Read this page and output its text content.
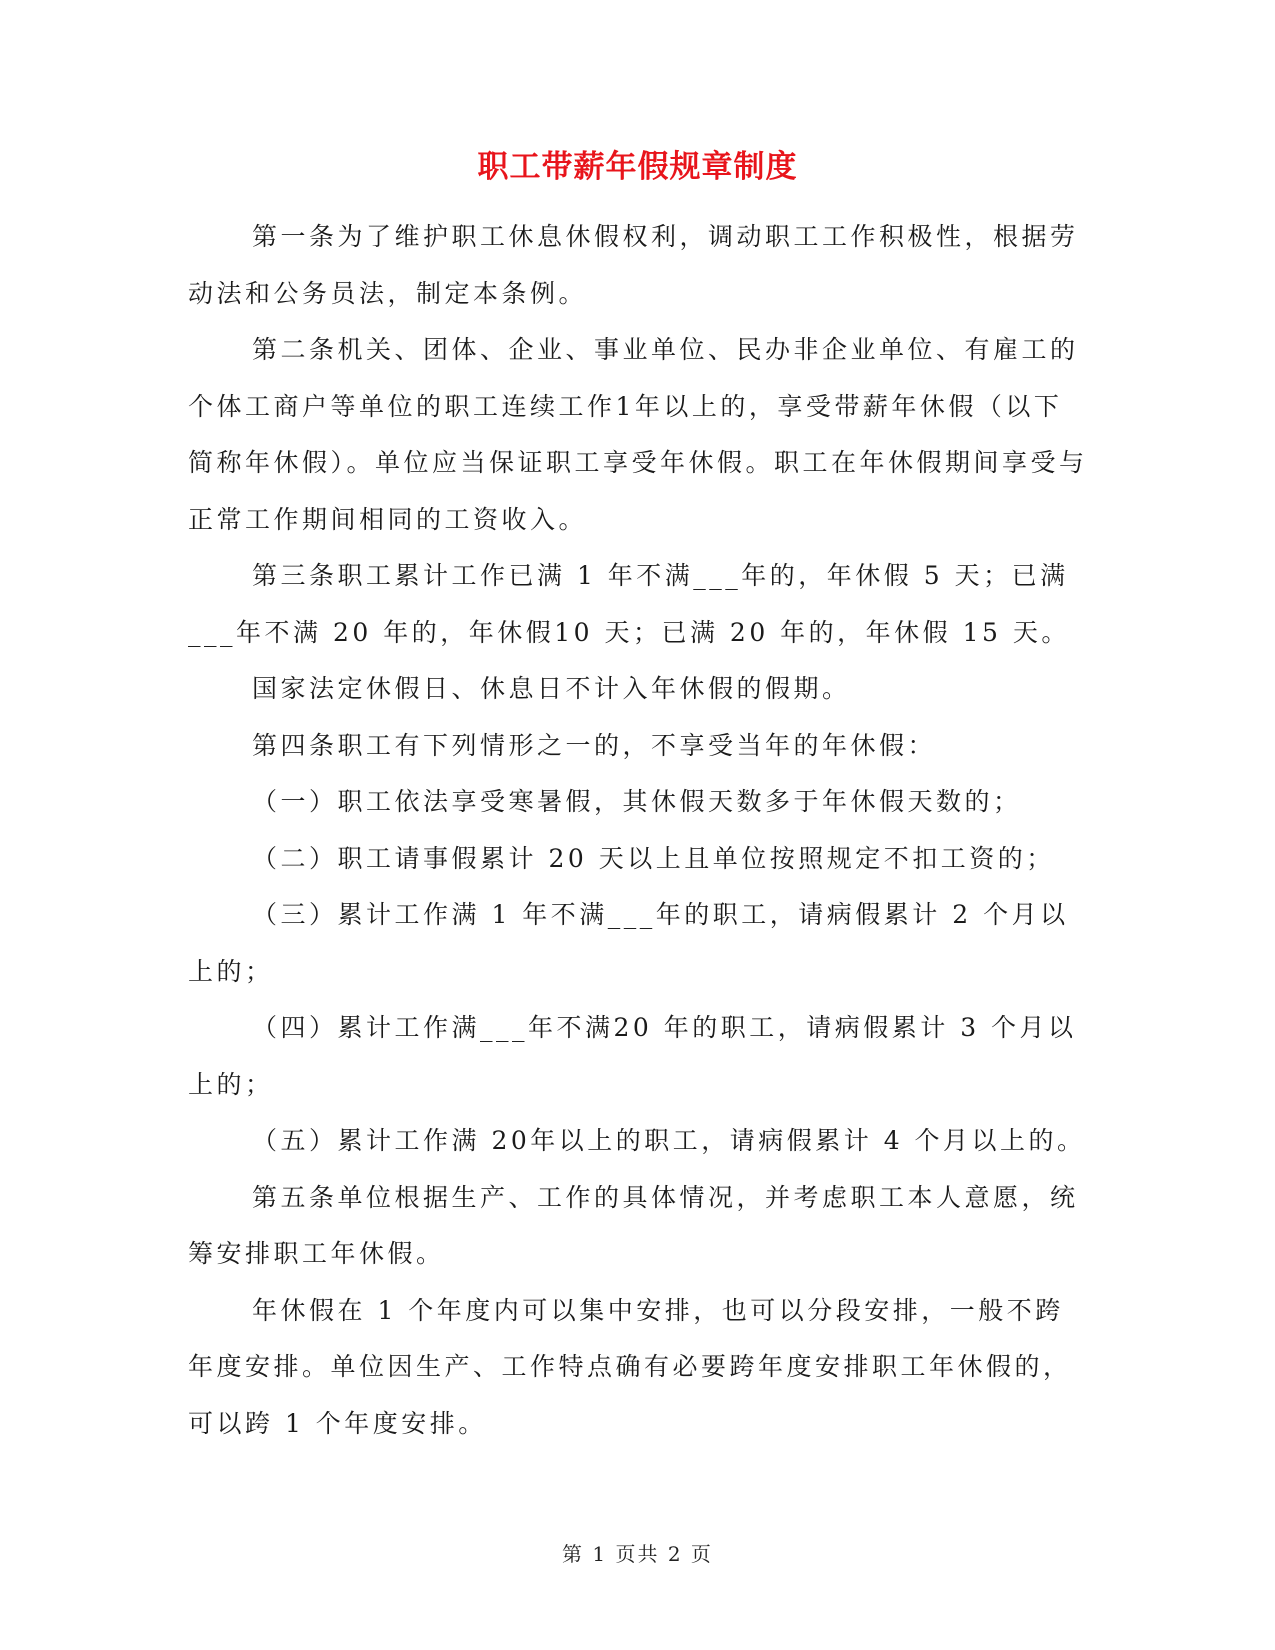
职工带薪年假规章制度

第一条为了维护职工休息休假权利，调动职工工作积极性，根据劳动法和公务员法，制定本条例。

第二条机关、团体、企业、事业单位、民办非企业单位、有雇工的个体工商户等单位的职工连续工作1年以上的，享受带薪年休假（以下简称年休假）。单位应当保证职工享受年休假。职工在年休假期间享受与正常工作期间相同的工资收入。

第三条职工累计工作已满 1 年不满___年的，年休假 5 天；已满___年不满 20 年的，年休假10 天；已满 20 年的，年休假 15 天。

国家法定休假日、休息日不计入年休假的假期。

第四条职工有下列情形之一的，不享受当年的年休假：

（一）职工依法享受寒暑假，其休假天数多于年休假天数的；

（二）职工请事假累计 20 天以上且单位按照规定不扣工资的；

（三）累计工作满 1 年不满___年的职工，请病假累计 2 个月以上的；

（四）累计工作满___年不满20 年的职工，请病假累计 3 个月以上的；

（五）累计工作满 20年以上的职工，请病假累计 4 个月以上的。

第五条单位根据生产、工作的具体情况，并考虑职工本人意愿，统筹安排职工年休假。

年休假在 1 个年度内可以集中安排，也可以分段安排，一般不跨年度安排。单位因生产、工作特点确有必要跨年度安排职工年休假的，可以跨 1 个年度安排。

第 1 页共 2 页
